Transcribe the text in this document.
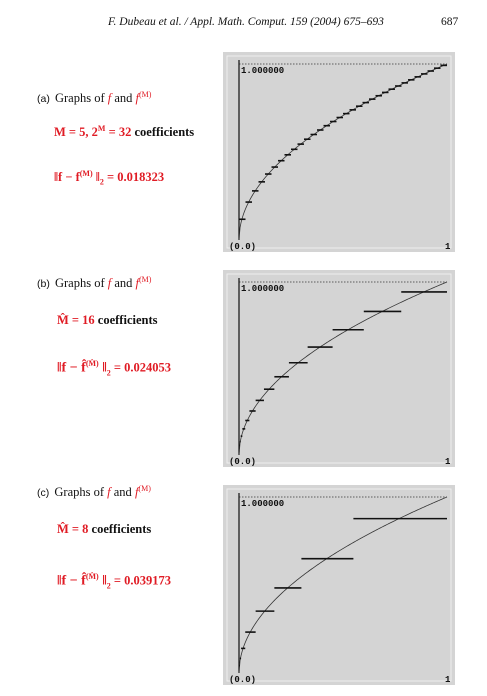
F. Dubeau et al. / Appl. Math. Comput. 159 (2004) 675–693	687
(a) Graphs of f and $f^{(M)}$
M = 5, $2^M = 32$ coefficients
‖f − $f^{(M)}$ $‖_2 = 0.018323$
(b) Graphs of f and $f^{(M)}$
M̂ = 16 coefficients
‖f − f̂$^{(M̂)}$ $‖_2 = 0.024053$
(c) Graphs of f and $f^{(M)}$
M̂ = 8 coefficients
‖f − f̂$^{(M̂)}$ $‖_2 = 0.039173$
1.000000
(0.0)	1
1.000000
(0.0)	1
1.000000
(0.0)	1
